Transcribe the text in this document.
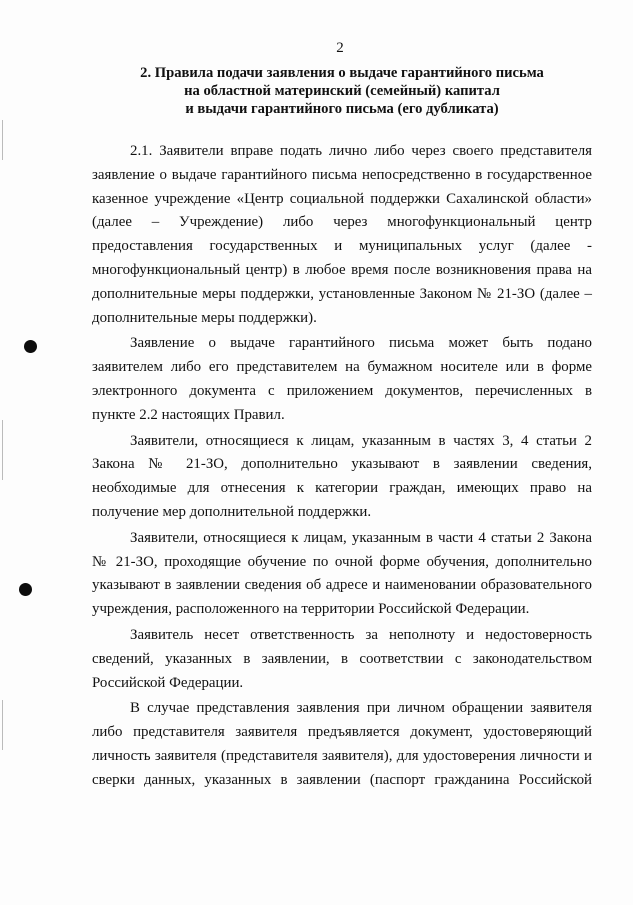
2
2. Правила подачи заявления о выдаче гарантийного письма
на областной материнский (семейный) капитал
и выдачи гарантийного письма (его дубликата)

2.1. Заявители вправе подать лично либо через своего представителя
заявление о выдаче гарантийного письма непосредственно в государственное
казенное учреждение «Центр социальной поддержки Сахалинской области»
(далее – Учреждение) либо через многофункциональный центр
предоставления государственных и муниципальных услуг (далее -
многофункциональный центр) в любое время после возникновения права на
дополнительные меры поддержки, установленные Законом № 21-ЗО (далее –
дополнительные меры поддержки).

Заявление о выдаче гарантийного письма может быть подано
заявителем либо его представителем на бумажном носителе или в форме
электронного документа с приложением документов, перечисленных в
пункте 2.2 настоящих Правил.

Заявители, относящиеся к лицам, указанным в частях 3, 4 статьи 2
Закона № 21-ЗО, дополнительно указывают в заявлении сведения,
необходимые для отнесения к категории граждан, имеющих право на
получение мер дополнительной поддержки.

Заявители, относящиеся к лицам, указанным в части 4 статьи 2 Закона
№ 21-ЗО, проходящие обучение по очной форме обучения, дополнительно
указывают в заявлении сведения об адресе и наименовании образовательного
учреждения, расположенного на территории Российской Федерации.

Заявитель несет ответственность за неполноту и недостоверность
сведений, указанных в заявлении, в соответствии с законодательством
Российской Федерации.

В случае представления заявления при личном обращении заявителя
либо представителя заявителя предъявляется документ, удостоверяющий
личность заявителя (представителя заявителя), для удостоверения личности и
сверки данных, указанных в заявлении (паспорт гражданина Российской
